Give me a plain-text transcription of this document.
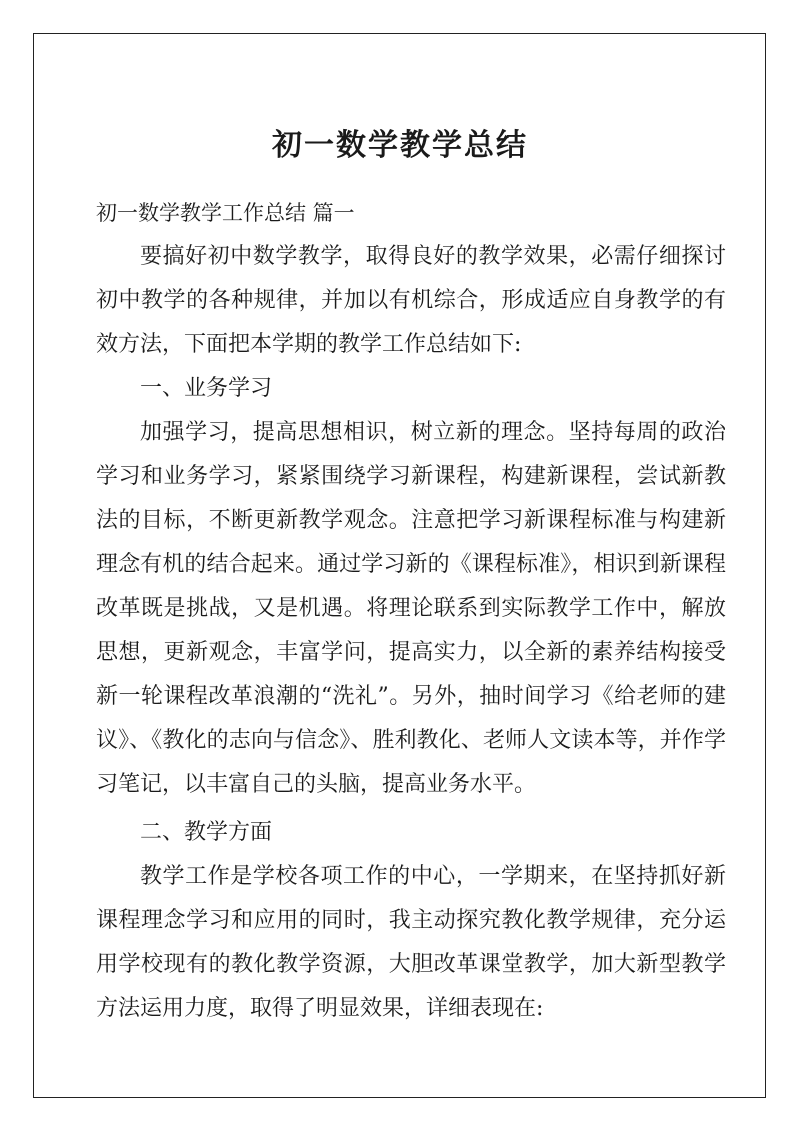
初一数学教学总结

初一数学教学工作总结 篇一

要搞好初中数学教学，取得良好的教学效果，必需仔细探讨初中教学的各种规律，并加以有机综合，形成适应自身教学的有效方法，下面把本学期的教学工作总结如下:

一、业务学习

加强学习，提高思想相识，树立新的理念。坚持每周的政治学习和业务学习，紧紧围绕学习新课程，构建新课程，尝试新教法的目标，不断更新教学观念。注意把学习新课程标准与构建新理念有机的结合起来。通过学习新的《课程标准》，相识到新课程改革既是挑战，又是机遇。将理论联系到实际教学工作中，解放思想，更新观念，丰富学问，提高实力，以全新的素养结构接受新一轮课程改革浪潮的“洗礼”。另外，抽时间学习《给老师的建议》、《教化的志向与信念》、胜利教化、老师人文读本等，并作学习笔记，以丰富自己的头脑，提高业务水平。

二、教学方面

教学工作是学校各项工作的中心，一学期来，在坚持抓好新课程理念学习和应用的同时，我主动探究教化教学规律，充分运用学校现有的教化教学资源，大胆改革课堂教学，加大新型教学方法运用力度，取得了明显效果，详细表现在:
